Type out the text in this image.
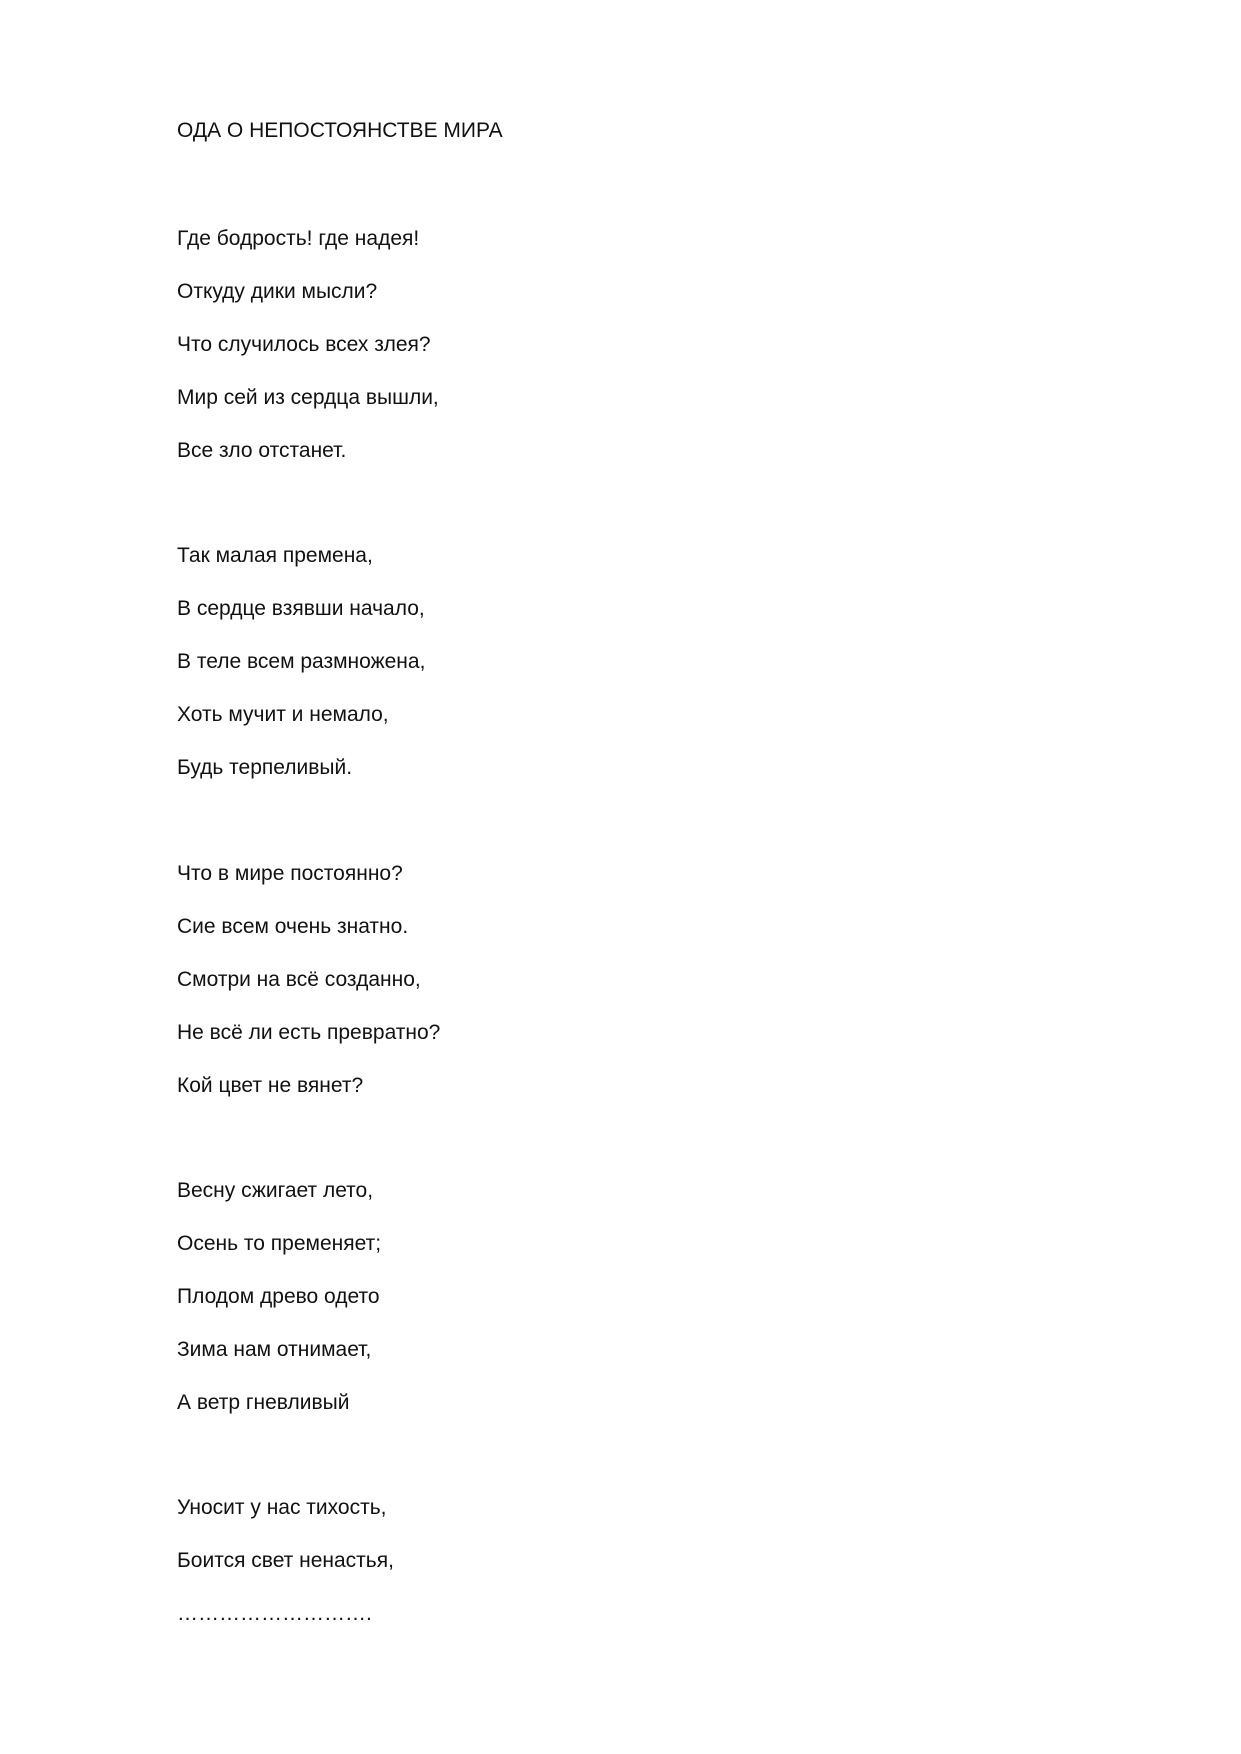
ОДА О НЕПОСТОЯНСТВЕ МИРА
Где бодрость! где надея!
Откуду дики мысли?
Что случилось всех злея?
Мир сей из сердца вышли,
Все зло отстанет.
Так малая премена,
В сердце взявши начало,
В теле всем размножена,
Хоть мучит и немало,
Будь терпеливый.
Что в мире постоянно?
Сие всем очень знатно.
Смотри на всё созданно,
Не всё ли есть превратно?
Кой цвет не вянет?
Весну сжигает лето,
Осень то пременяет;
Плодом древо одето
Зима нам отнимает,
А ветр гневливый
Уносит у нас тихость,
Боится свет ненастья,
……………………….
